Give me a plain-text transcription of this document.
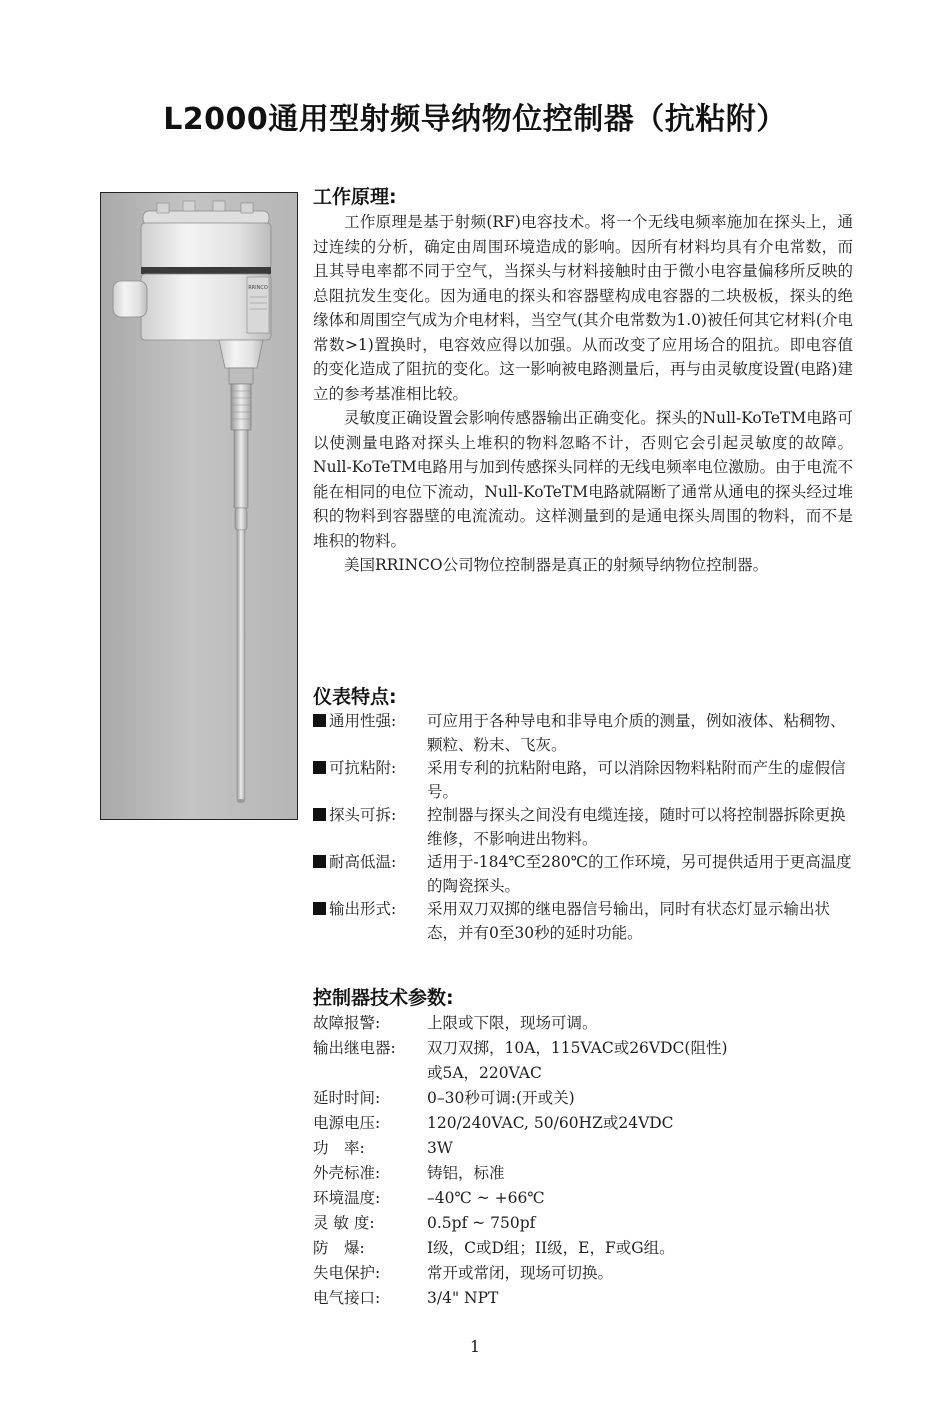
L2000通用型射频导纳物位控制器（抗粘附）
RRINCO
工作原理:

工作原理是基于射频(RF)电容技术。将一个无线电频率施加在探头上，通过连续的分析，确定由周围环境造成的影响。因所有材料均具有介电常数，而且其导电率都不同于空气，当探头与材料接触时由于微小电容量偏移所反映的总阻抗发生变化。因为通电的探头和容器壁构成电容器的二块极板，探头的绝缘体和周围空气成为介电材料，当空气(其介电常数为1.0)被任何其它材料(介电常数>1)置换时，电容效应得以加强。从而改变了应用场合的阻抗。即电容值的变化造成了阻抗的变化。这一影响被电路测量后，再与由灵敏度设置(电路)建立的参考基准相比较。

灵敏度正确设置会影响传感器输出正确变化。探头的Null-KoTeTM电路可以使测量电路对探头上堆积的物料忽略不计，否则它会引起灵敏度的故障。Null-KoTeTM电路用与加到传感探头同样的无线电频率电位激励。由于电流不能在相同的电位下流动，Null-KoTeTM电路就隔断了通常从通电的探头经过堆积的物料到容器壁的电流流动。这样测量到的是通电探头周围的物料，而不是堆积的物料。

美国RRINCO公司物位控制器是真正的射频导纳物位控制器。

仪表特点:
通用性强:	可应用于各种导电和非导电介质的测量，例如液体、粘稠物、颗粒、粉末、飞灰。
可抗粘附:	采用专利的抗粘附电路，可以消除因物料粘附而产生的虚假信号。
探头可拆:	控制器与探头之间没有电缆连接，随时可以将控制器拆除更换维修，不影响进出物料。
耐高低温:	适用于-184℃至280℃的工作环境，另可提供适用于更高温度的陶瓷探头。
输出形式:	采用双刀双掷的继电器信号输出，同时有状态灯显示输出状态，并有0至30秒的延时功能。
控制器技术参数:
故障报警:	上限或下限，现场可调。
输出继电器:	双刀双掷，10A，115VAC或26VDC(阻性)
或5A，220VAC
延时时间:	0–30秒可调:(开或关)
电源电压:	120/240VAC, 50/60HZ或24VDC
功　率:	3W
外壳标准:	铸铝，标准
环境温度:	–40℃ ~ +66℃
灵 敏 度:	0.5pf ~ 750pf
防　爆:	I级，C或D组；II级，E，F或G组。
失电保护:	常开或常闭，现场可切换。
电气接口:	3/4" NPT
1
